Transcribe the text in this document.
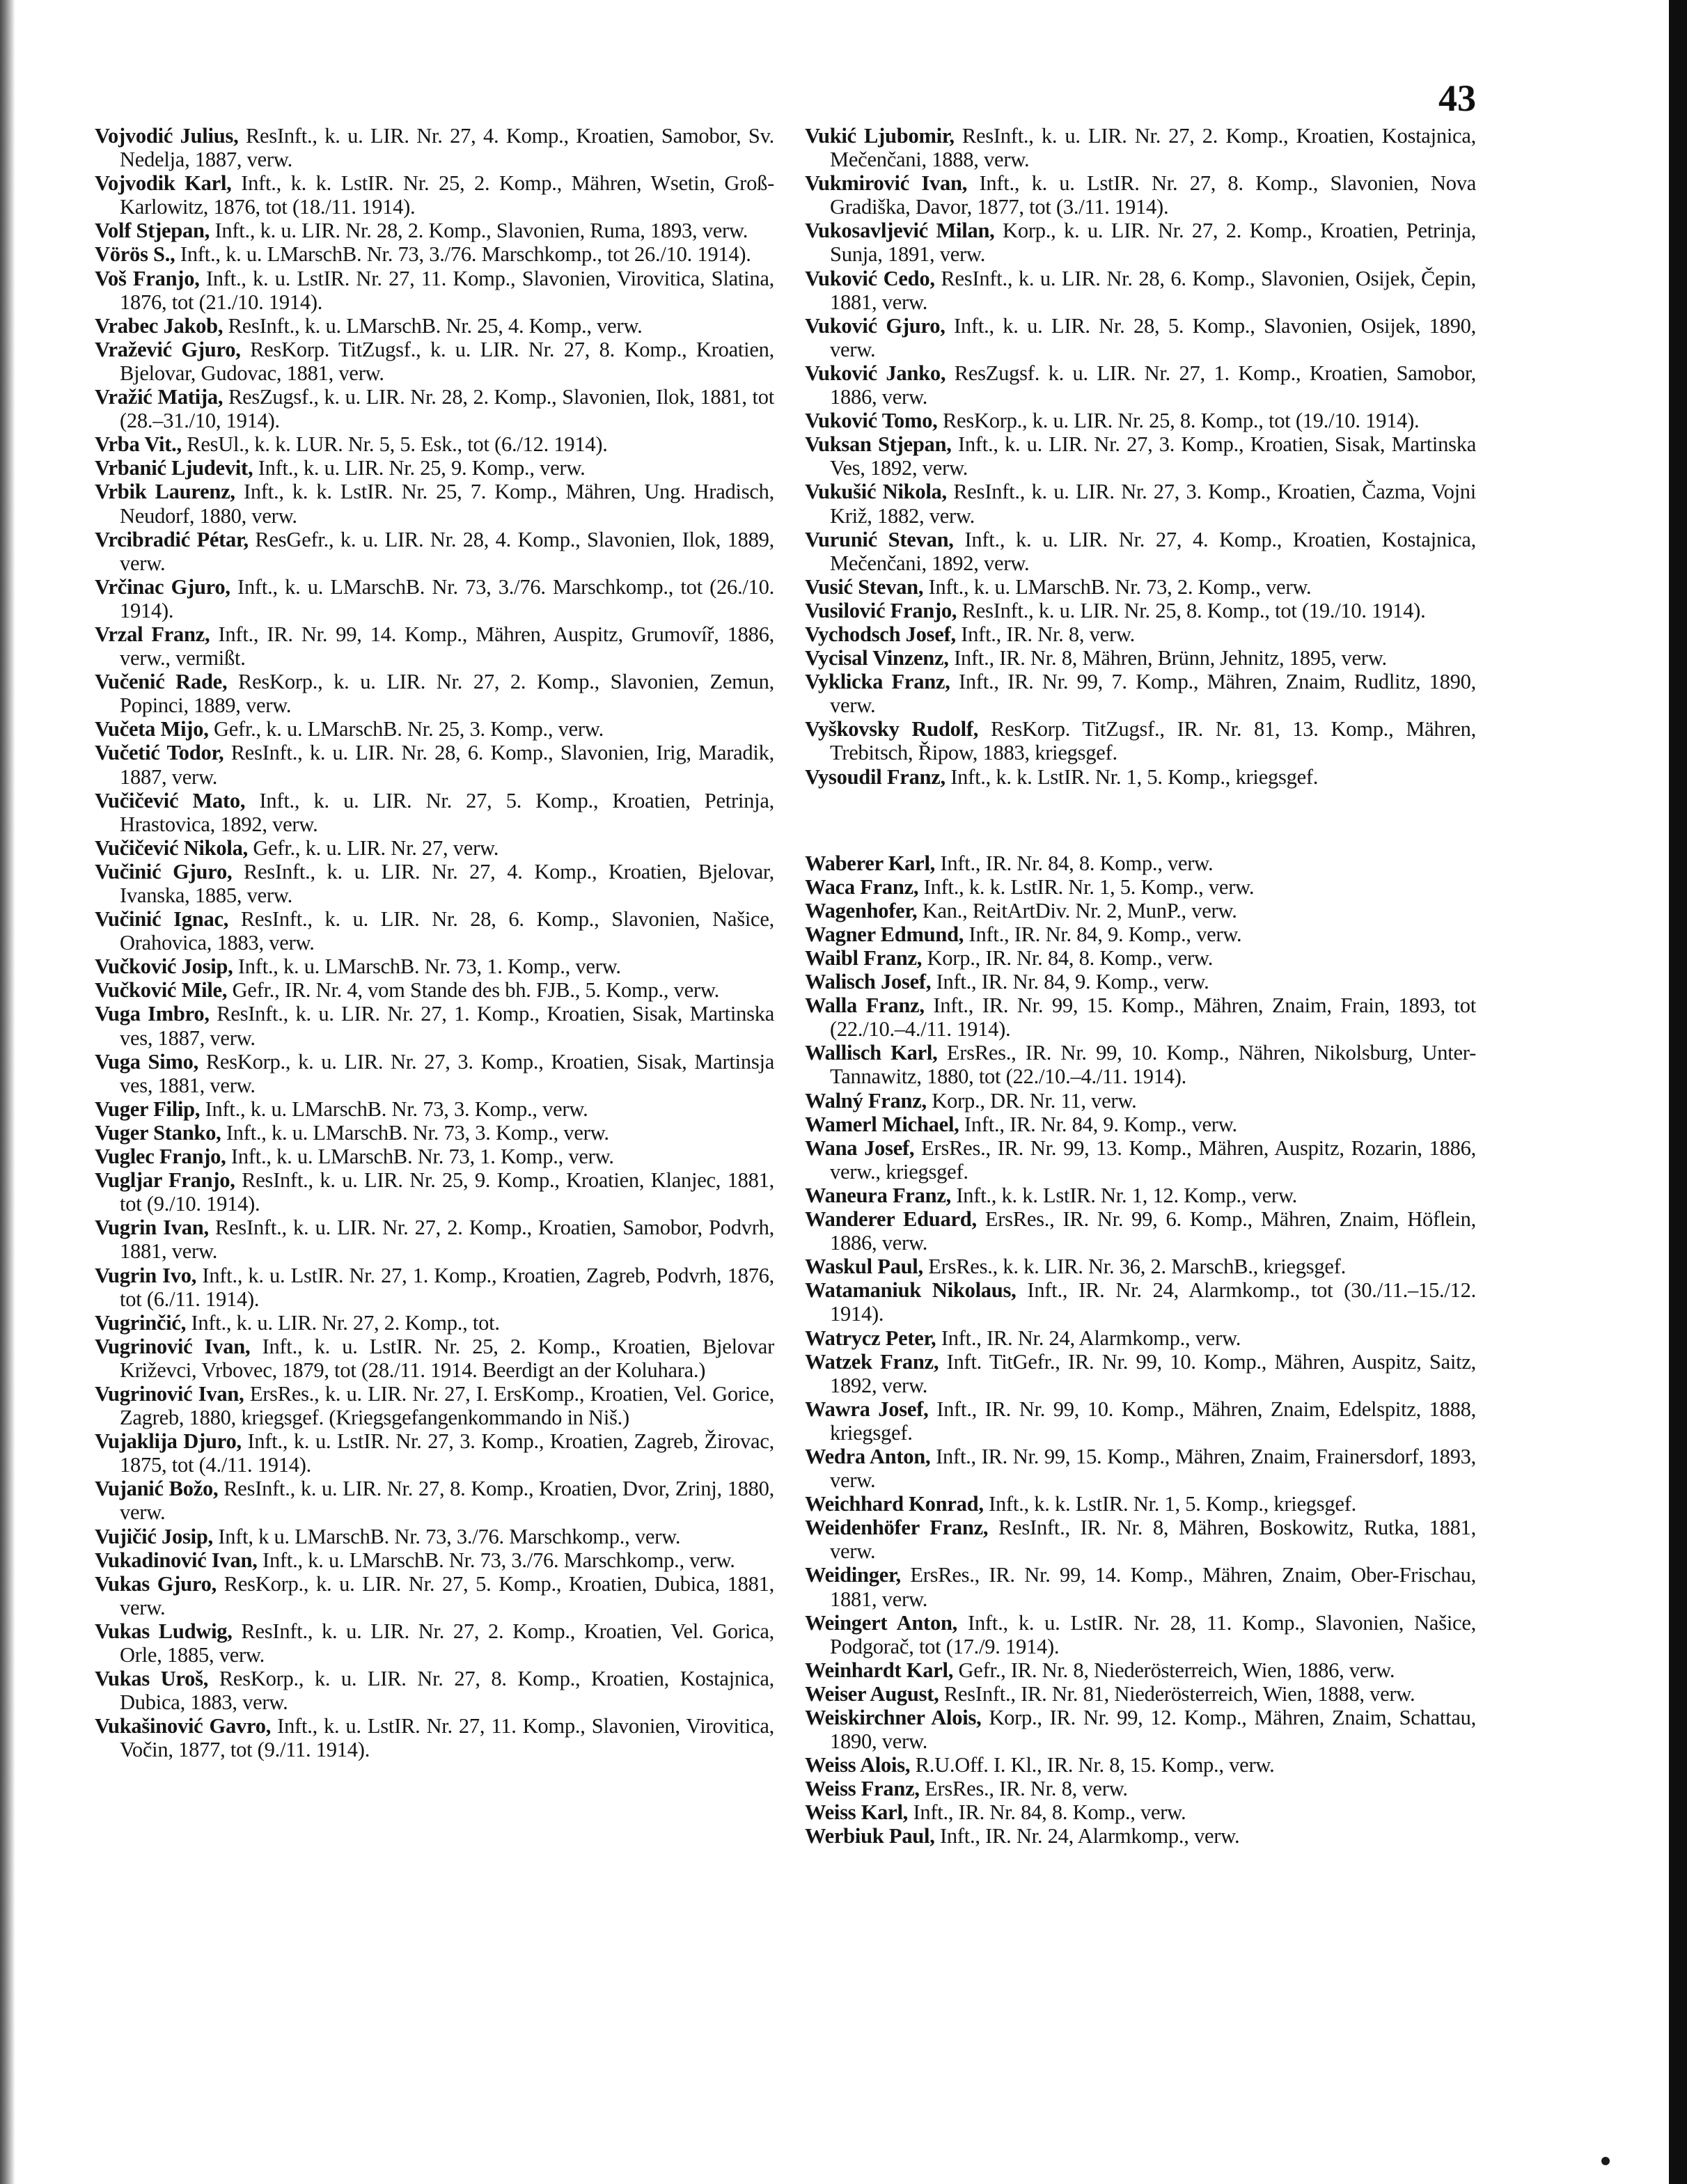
43

Vojvodić Julius, ResInft., k. u. LIR. Nr. 27, 4. Komp., Kroatien, Samobor, Sv. Nedelja, 1887, verw.

Vojvodik Karl, Inft., k. k. LstIR. Nr. 25, 2. Komp., Mähren, Wsetin, Groß-Karlowitz, 1876, tot (18./11. 1914).

Volf Stjepan, Inft., k. u. LIR. Nr. 28, 2. Komp., Slavonien, Ruma, 1893, verw.

Vörös S., Inft., k. u. LMarschB. Nr. 73, 3./76. Marschkomp., tot 26./10. 1914).

Voš Franjo, Inft., k. u. LstIR. Nr. 27, 11. Komp., Slavonien, Virovitica, Slatina, 1876, tot (21./10. 1914).

Vrabec Jakob, ResInft., k. u. LMarschB. Nr. 25, 4. Komp., verw.

Vražević Gjuro, ResKorp. TitZugsf., k. u. LIR. Nr. 27, 8. Komp., Kroatien, Bjelovar, Gudovac, 1881, verw.

Vražić Matija, ResZugsf., k. u. LIR. Nr. 28, 2. Komp., Slavonien, Ilok, 1881, tot (28.–31./10, 1914).

Vrba Vit., ResUl., k. k. LUR. Nr. 5, 5. Esk., tot (6./12. 1914).

Vrbanić Ljudevit, Inft., k. u. LIR. Nr. 25, 9. Komp., verw.

Vrbik Laurenz, Inft., k. k. LstIR. Nr. 25, 7. Komp., Mähren, Ung. Hradisch, Neudorf, 1880, verw.

Vrcibradić Pétar, ResGefr., k. u. LIR. Nr. 28, 4. Komp., Slavonien, Ilok, 1889, verw.

Vrčinac Gjuro, Inft., k. u. LMarschB. Nr. 73, 3./76. Marschkomp., tot (26./10. 1914).

Vrzal Franz, Inft., IR. Nr. 99, 14. Komp., Mähren, Auspitz, Grumovíř, 1886, verw., vermißt.

Vučenić Rade, ResKorp., k. u. LIR. Nr. 27, 2. Komp., Slavonien, Zemun, Popinci, 1889, verw.

Vučeta Mijo, Gefr., k. u. LMarschB. Nr. 25, 3. Komp., verw.

Vučetić Todor, ResInft., k. u. LIR. Nr. 28, 6. Komp., Slavonien, Irig, Maradik, 1887, verw.

Vučičević Mato, Inft., k. u. LIR. Nr. 27, 5. Komp., Kroatien, Petrinja, Hrastovica, 1892, verw.

Vučičević Nikola, Gefr., k. u. LIR. Nr. 27, verw.

Vučinić Gjuro, ResInft., k. u. LIR. Nr. 27, 4. Komp., Kroatien, Bjelovar, Ivanska, 1885, verw.

Vučinić Ignac, ResInft., k. u. LIR. Nr. 28, 6. Komp., Slavonien, Našice, Orahovica, 1883, verw.

Vučković Josip, Inft., k. u. LMarschB. Nr. 73, 1. Komp., verw.

Vučković Mile, Gefr., IR. Nr. 4, vom Stande des bh. FJB., 5. Komp., verw.

Vuga Imbro, ResInft., k. u. LIR. Nr. 27, 1. Komp., Kroatien, Sisak, Martinska ves, 1887, verw.

Vuga Simo, ResKorp., k. u. LIR. Nr. 27, 3. Komp., Kroatien, Sisak, Martinsja ves, 1881, verw.

Vuger Filip, Inft., k. u. LMarschB. Nr. 73, 3. Komp., verw.

Vuger Stanko, Inft., k. u. LMarschB. Nr. 73, 3. Komp., verw.

Vuglec Franjo, Inft., k. u. LMarschB. Nr. 73, 1. Komp., verw.

Vugljar Franjo, ResInft., k. u. LIR. Nr. 25, 9. Komp., Kroatien, Klanjec, 1881, tot (9./10. 1914).

Vugrin Ivan, ResInft., k. u. LIR. Nr. 27, 2. Komp., Kroatien, Samobor, Podvrh, 1881, verw.

Vugrin Ivo, Inft., k. u. LstIR. Nr. 27, 1. Komp., Kroatien, Zagreb, Podvrh, 1876, tot (6./11. 1914).

Vugrinčić, Inft., k. u. LIR. Nr. 27, 2. Komp., tot.

Vugrinović Ivan, Inft., k. u. LstIR. Nr. 25, 2. Komp., Kroatien, Bjelovar Križevci, Vrbovec, 1879, tot (28./11. 1914. Beerdigt an der Koluhara.)

Vugrinović Ivan, ErsRes., k. u. LIR. Nr. 27, I. ErsKomp., Kroatien, Vel. Gorice, Zagreb, 1880, kriegsgef. (Kriegsgefangenkommando in Niš.)

Vujaklija Djuro, Inft., k. u. LstIR. Nr. 27, 3. Komp., Kroatien, Zagreb, Žirovac, 1875, tot (4./11. 1914).

Vujanić Božo, ResInft., k. u. LIR. Nr. 27, 8. Komp., Kroatien, Dvor, Zrinj, 1880, verw.

Vujičić Josip, Inft, k u. LMarschB. Nr. 73, 3./76. Marschkomp., verw.

Vukadinović Ivan, Inft., k. u. LMarschB. Nr. 73, 3./76. Marschkomp., verw.

Vukas Gjuro, ResKorp., k. u. LIR. Nr. 27, 5. Komp., Kroatien, Dubica, 1881, verw.

Vukas Ludwig, ResInft., k. u. LIR. Nr. 27, 2. Komp., Kroatien, Vel. Gorica, Orle, 1885, verw.

Vukas Uroš, ResKorp., k. u. LIR. Nr. 27, 8. Komp., Kroatien, Kostajnica, Dubica, 1883, verw.

Vukašinović Gavro, Inft., k. u. LstIR. Nr. 27, 11. Komp., Slavonien, Virovitica, Vočin, 1877, tot (9./11. 1914).

Vukić Ljubomir, ResInft., k. u. LIR. Nr. 27, 2. Komp., Kroatien, Kostajnica, Mečenčani, 1888, verw.

Vukmirović Ivan, Inft., k. u. LstIR. Nr. 27, 8. Komp., Slavonien, Nova Gradiška, Davor, 1877, tot (3./11. 1914).

Vukosavljević Milan, Korp., k. u. LIR. Nr. 27, 2. Komp., Kroatien, Petrinja, Sunja, 1891, verw.

Vuković Cedo, ResInft., k. u. LIR. Nr. 28, 6. Komp., Slavonien, Osijek, Čepin, 1881, verw.

Vuković Gjuro, Inft., k. u. LIR. Nr. 28, 5. Komp., Slavonien, Osijek, 1890, verw.

Vuković Janko, ResZugsf. k. u. LIR. Nr. 27, 1. Komp., Kroatien, Samobor, 1886, verw.

Vuković Tomo, ResKorp., k. u. LIR. Nr. 25, 8. Komp., tot (19./10. 1914).

Vuksan Stjepan, Inft., k. u. LIR. Nr. 27, 3. Komp., Kroatien, Sisak, Martinska Ves, 1892, verw.

Vukušić Nikola, ResInft., k. u. LIR. Nr. 27, 3. Komp., Kroatien, Čazma, Vojni Križ, 1882, verw.

Vurunić Stevan, Inft., k. u. LIR. Nr. 27, 4. Komp., Kroatien, Kostajnica, Mečenčani, 1892, verw.

Vusić Stevan, Inft., k. u. LMarschB. Nr. 73, 2. Komp., verw.

Vusilović Franjo, ResInft., k. u. LIR. Nr. 25, 8. Komp., tot (19./10. 1914).

Vychodsch Josef, Inft., IR. Nr. 8, verw.

Vycisal Vinzenz, Inft., IR. Nr. 8, Mähren, Brünn, Jehnitz, 1895, verw.

Vyklicka Franz, Inft., IR. Nr. 99, 7. Komp., Mähren, Znaim, Rudlitz, 1890, verw.

Vyškovsky Rudolf, ResKorp. TitZugsf., IR. Nr. 81, 13. Komp., Mähren, Trebitsch, Řipow, 1883, kriegsgef.

Vysoudil Franz, Inft., k. k. LstIR. Nr. 1, 5. Komp., kriegsgef.

Waberer Karl, Inft., IR. Nr. 84, 8. Komp., verw.

Waca Franz, Inft., k. k. LstIR. Nr. 1, 5. Komp., verw.

Wagenhofer, Kan., ReitArtDiv. Nr. 2, MunP., verw.

Wagner Edmund, Inft., IR. Nr. 84, 9. Komp., verw.

Waibl Franz, Korp., IR. Nr. 84, 8. Komp., verw.

Walisch Josef, Inft., IR. Nr. 84, 9. Komp., verw.

Walla Franz, Inft., IR. Nr. 99, 15. Komp., Mähren, Znaim, Frain, 1893, tot (22./10.–4./11. 1914).

Wallisch Karl, ErsRes., IR. Nr. 99, 10. Komp., Nähren, Nikolsburg, Unter-Tannawitz, 1880, tot (22./10.–4./11. 1914).

Walný Franz, Korp., DR. Nr. 11, verw.

Wamerl Michael, Inft., IR. Nr. 84, 9. Komp., verw.

Wana Josef, ErsRes., IR. Nr. 99, 13. Komp., Mähren, Auspitz, Rozarin, 1886, verw., kriegsgef.

Waneura Franz, Inft., k. k. LstIR. Nr. 1, 12. Komp., verw.

Wanderer Eduard, ErsRes., IR. Nr. 99, 6. Komp., Mähren, Znaim, Höflein, 1886, verw.

Waskul Paul, ErsRes., k. k. LIR. Nr. 36, 2. MarschB., kriegsgef.

Watamaniuk Nikolaus, Inft., IR. Nr. 24, Alarmkomp., tot (30./11.–15./12. 1914).

Watrycz Peter, Inft., IR. Nr. 24, Alarmkomp., verw.

Watzek Franz, Inft. TitGefr., IR. Nr. 99, 10. Komp., Mähren, Auspitz, Saitz, 1892, verw.

Wawra Josef, Inft., IR. Nr. 99, 10. Komp., Mähren, Znaim, Edelspitz, 1888, kriegsgef.

Wedra Anton, Inft., IR. Nr. 99, 15. Komp., Mähren, Znaim, Frainersdorf, 1893, verw.

Weichhard Konrad, Inft., k. k. LstIR. Nr. 1, 5. Komp., kriegsgef.

Weidenhöfer Franz, ResInft., IR. Nr. 8, Mähren, Boskowitz, Rutka, 1881, verw.

Weidinger, ErsRes., IR. Nr. 99, 14. Komp., Mähren, Znaim, Ober-Frischau, 1881, verw.

Weingert Anton, Inft., k. u. LstIR. Nr. 28, 11. Komp., Slavonien, Našice, Podgorač, tot (17./9. 1914).

Weinhardt Karl, Gefr., IR. Nr. 8, Niederösterreich, Wien, 1886, verw.

Weiser August, ResInft., IR. Nr. 81, Niederösterreich, Wien, 1888, verw.

Weiskirchner Alois, Korp., IR. Nr. 99, 12. Komp., Mähren, Znaim, Schattau, 1890, verw.

Weiss Alois, R.U.Off. I. Kl., IR. Nr. 8, 15. Komp., verw.

Weiss Franz, ErsRes., IR. Nr. 8, verw.

Weiss Karl, Inft., IR. Nr. 84, 8. Komp., verw.

Werbiuk Paul, Inft., IR. Nr. 24, Alarmkomp., verw.
